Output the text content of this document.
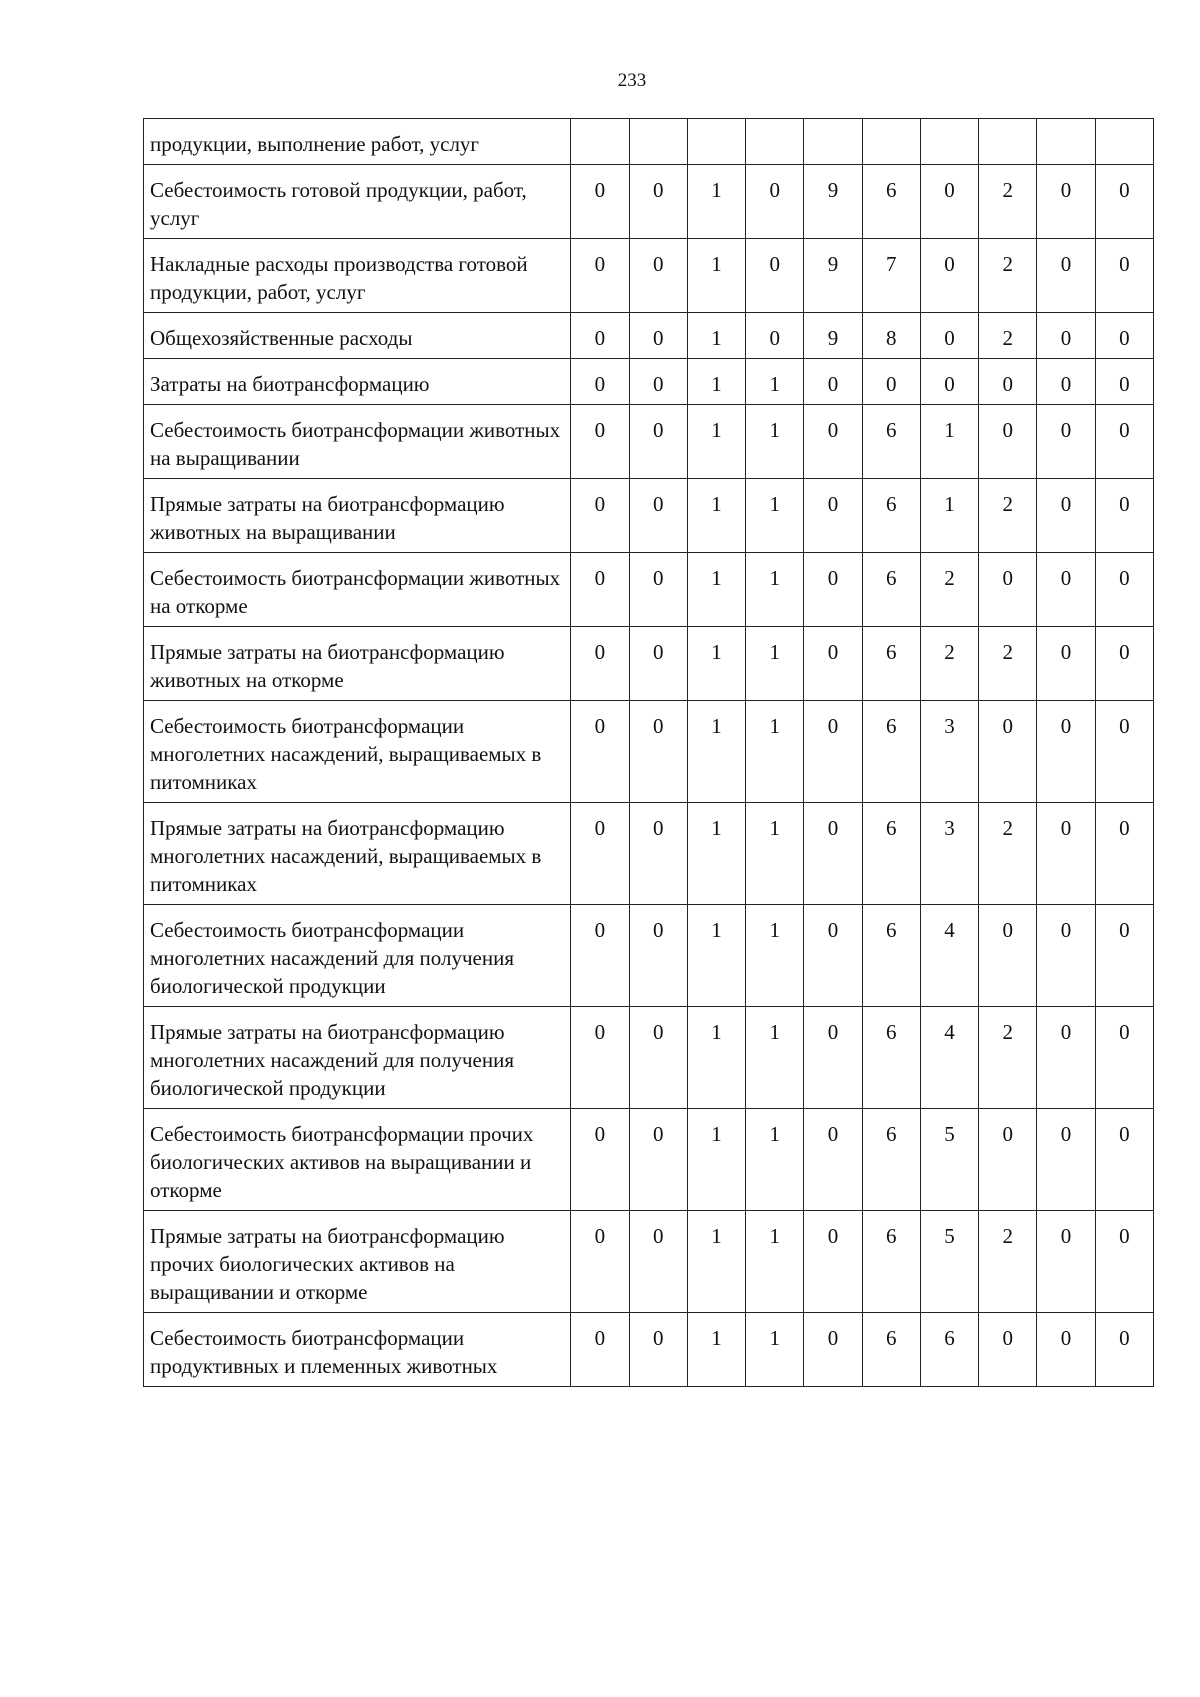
233
продукции, выполнение работ, услуг										
Себестоимость готовой продукции, работ, услуг	0	0	1	0	9	6	0	2	0	0
Накладные расходы производства готовой продукции, работ, услуг	0	0	1	0	9	7	0	2	0	0
Общехозяйственные расходы	0	0	1	0	9	8	0	2	0	0
Затраты на биотрансформацию	0	0	1	1	0	0	0	0	0	0
Себестоимость биотрансформации животных на выращивании	0	0	1	1	0	6	1	0	0	0
Прямые затраты на биотрансформацию животных на выращивании	0	0	1	1	0	6	1	2	0	0
Себестоимость биотрансформации животных на откорме	0	0	1	1	0	6	2	0	0	0
Прямые затраты на биотрансформацию животных на откорме	0	0	1	1	0	6	2	2	0	0
Себестоимость биотрансформации многолетних насаждений, выращиваемых в питомниках	0	0	1	1	0	6	3	0	0	0
Прямые затраты на биотрансформацию многолетних насаждений, выращиваемых в питомниках	0	0	1	1	0	6	3	2	0	0
Себестоимость биотрансформации многолетних насаждений для получения биологической продукции	0	0	1	1	0	6	4	0	0	0
Прямые затраты на биотрансформацию многолетних насаждений для получения биологической продукции	0	0	1	1	0	6	4	2	0	0
Себестоимость биотрансформации прочих биологических активов на выращивании и откорме	0	0	1	1	0	6	5	0	0	0
Прямые затраты на биотрансформацию прочих биологических активов на выращивании и откорме	0	0	1	1	0	6	5	2	0	0
Себестоимость биотрансформации продуктивных и племенных животных	0	0	1	1	0	6	6	0	0	0
